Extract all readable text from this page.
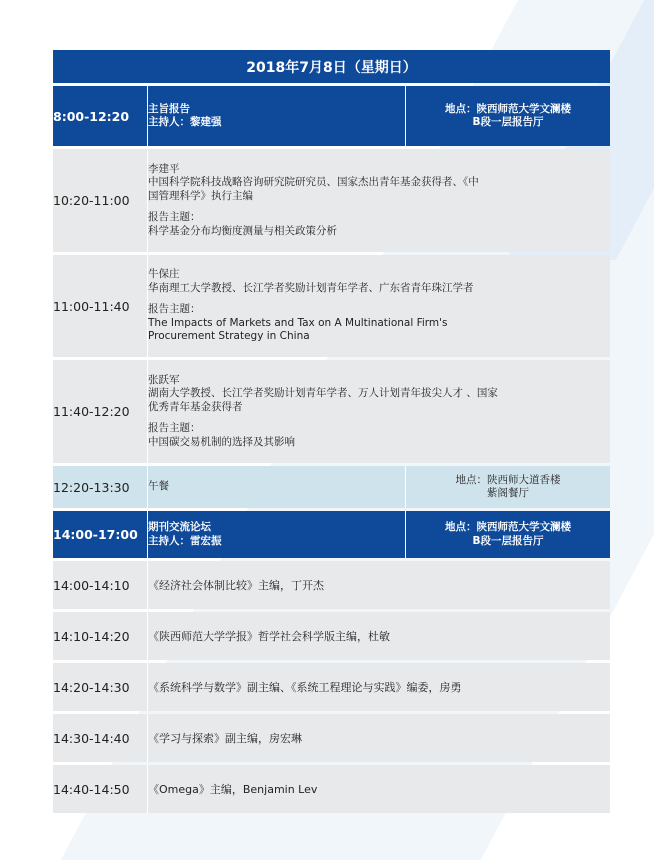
2018年7月8日（星期日）		
8:00-12:20	主旨报告
主持人：黎建强	地点：陕西师范大学文澜楼
B段一层报告厅

10:20-11:00	李建平

中国科学院科技战略咨询研究院研究员、国家杰出青年基金获得者、《中

国管理科学》执行主编

报告主题：

科学基金分布均衡度测量与相关政策分析	

11:00-11:40	牛保庄

华南理工大学教授、长江学者奖励计划青年学者、广东省青年珠江学者

报告主题：

The Impacts of Markets and Tax on A Multinational Firm's

Procurement Strategy in China	

11:40-12:20	张跃军

湖南大学教授、长江学者奖励计划青年学者、万人计划青年拔尖人才 、国家

优秀青年基金获得者

报告主题：

中国碳交易机制的选择及其影响	

12:20-13:30	午餐	地点：陕西师大道香楼
紫阁餐厅

14:00-17:00	期刊交流论坛
主持人：雷宏振	地点：陕西师范大学文澜楼
B段一层报告厅

14:00-14:10	《经济社会体制比较》主编，丁开杰	
14:10-14:20	《陕西师范大学学报》哲学社会科学版主编，杜敏	
14:20-14:30	《系统科学与数学》副主编、《系统工程理论与实践》编委，房勇	
14:30-14:40	《学习与探索》副主编，房宏琳	
14:40-14:50	《Omega》主编，Benjamin Lev	
